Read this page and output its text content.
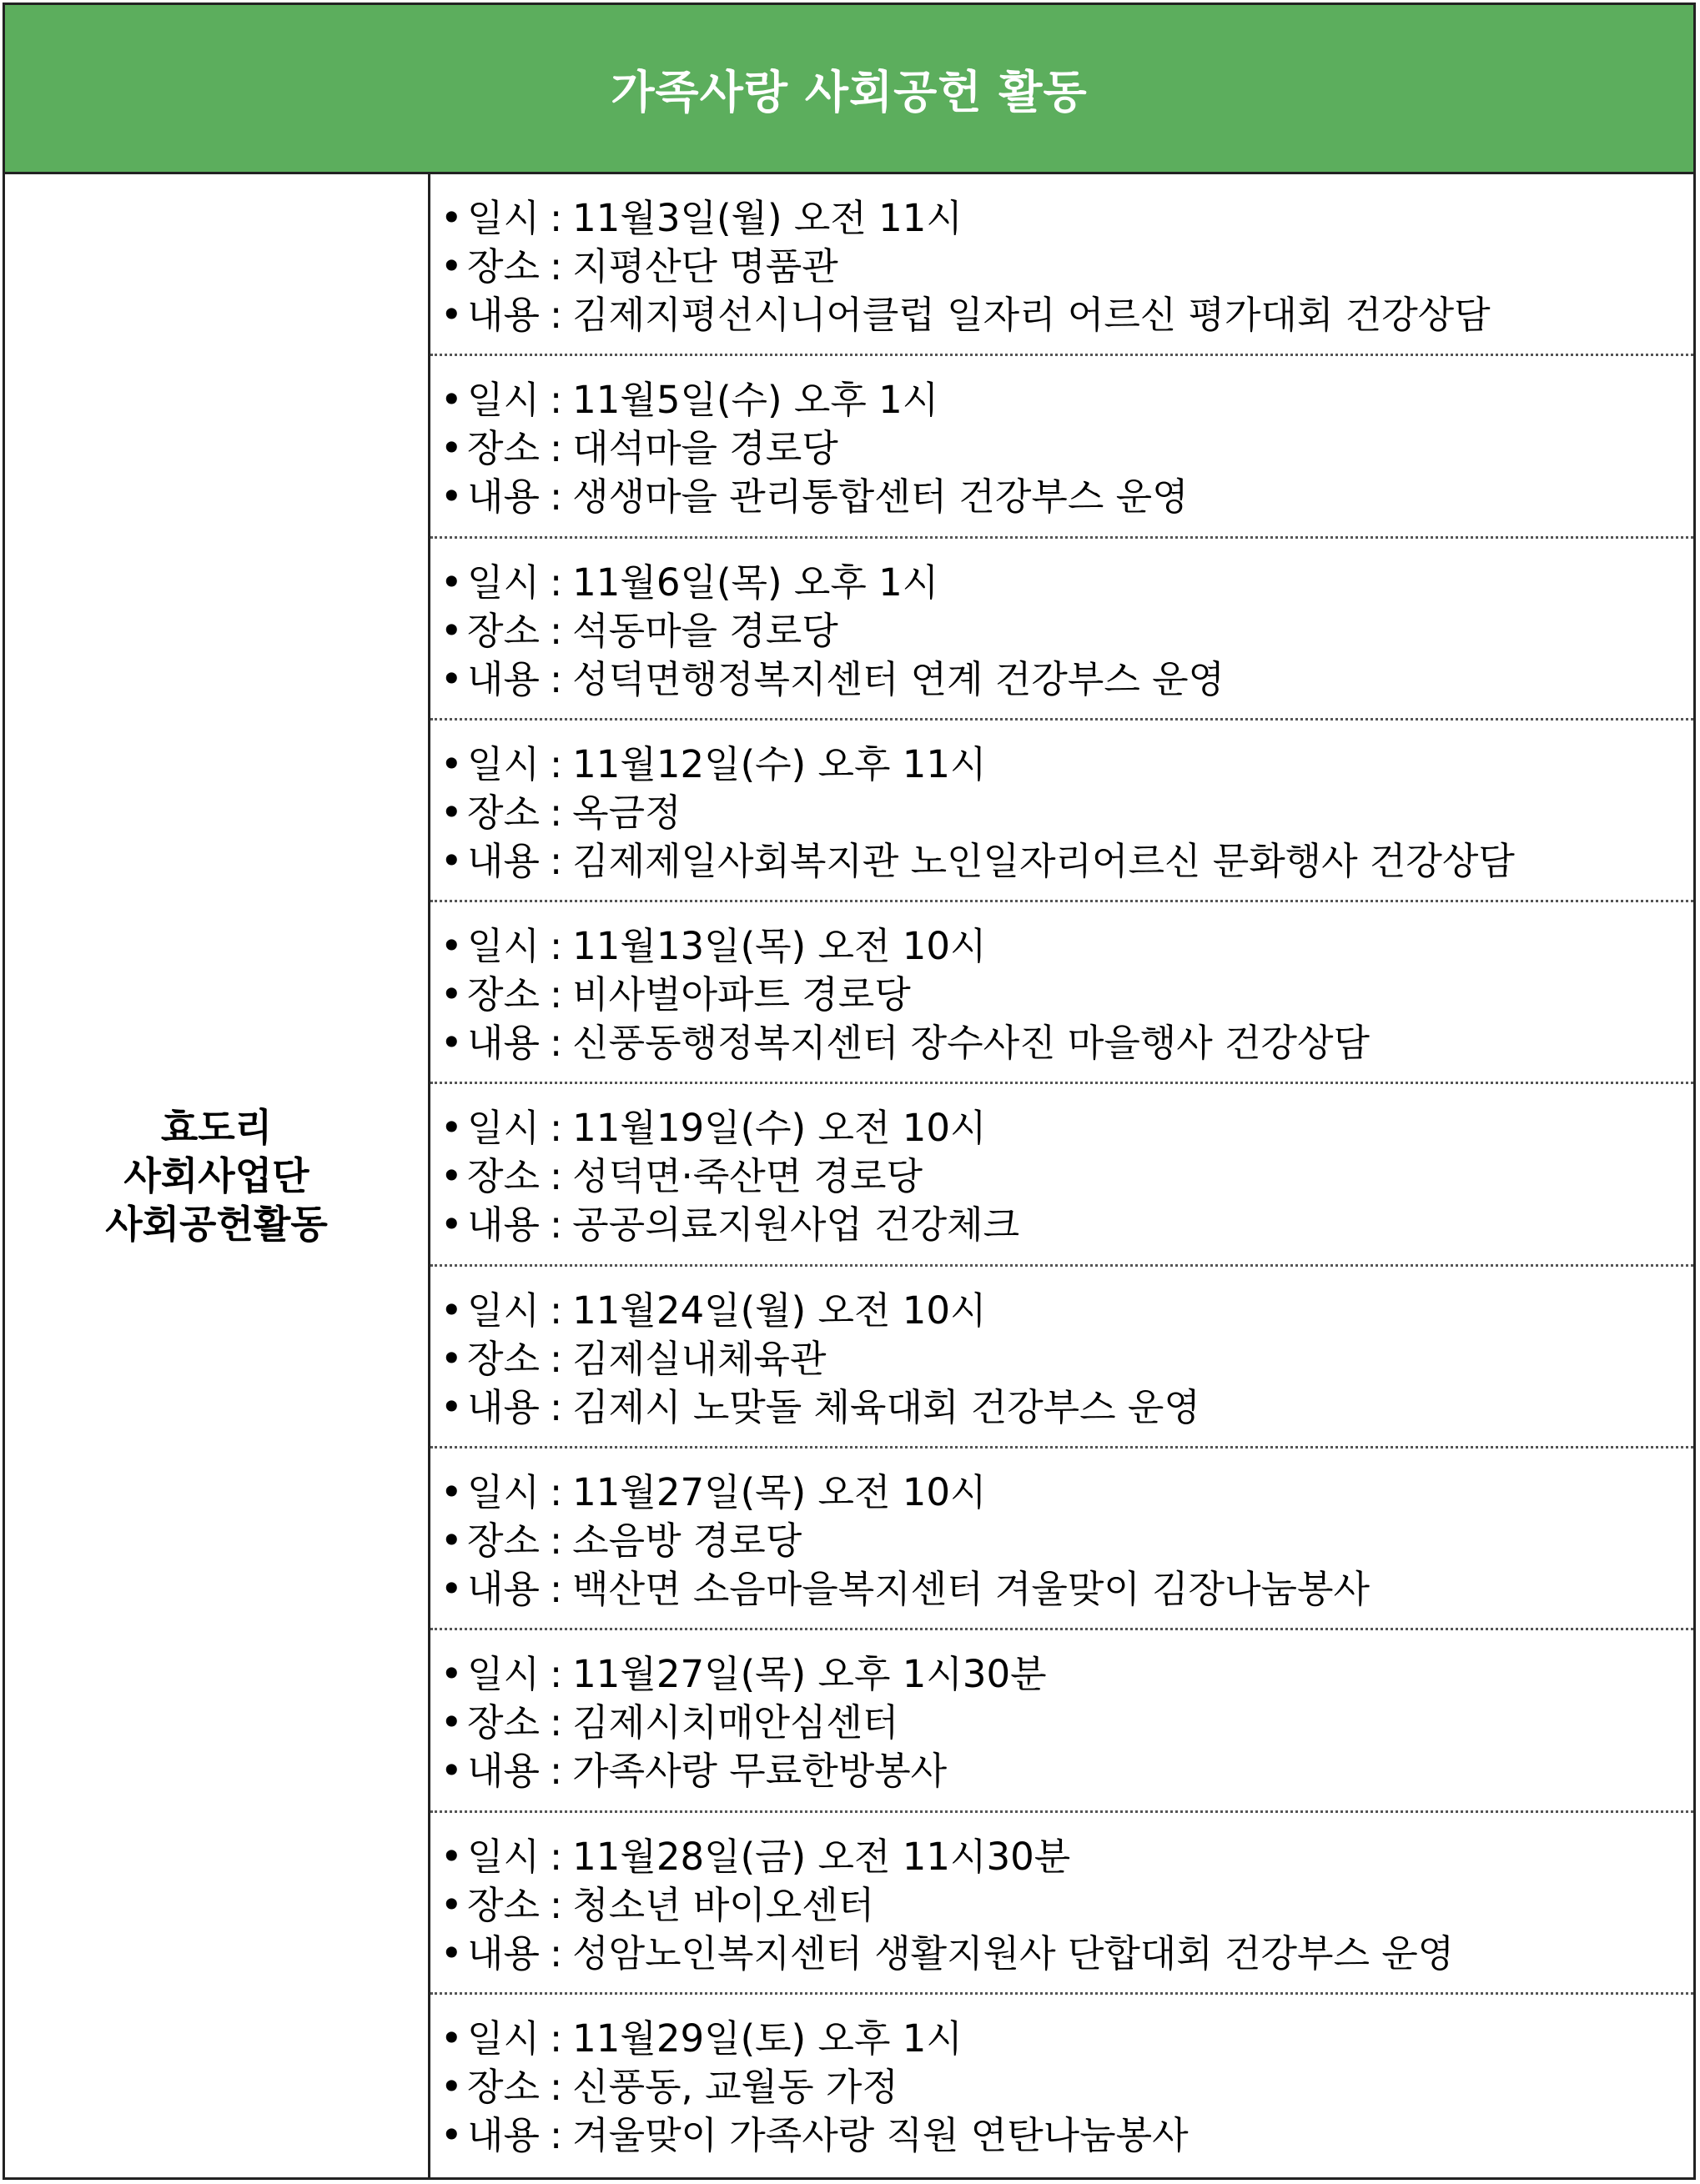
가족사랑 사회공헌 활동
효도리
사회사업단
사회공헌활동
• 일시 : 11월3일(월) 오전 11시
• 장소 : 지평산단 명품관
• 내용 : 김제지평선시니어클럽 일자리 어르신 평가대회 건강상담
• 일시 : 11월5일(수) 오후 1시
• 장소 : 대석마을 경로당
• 내용 : 생생마을 관리통합센터 건강부스 운영
• 일시 : 11월6일(목) 오후 1시
• 장소 : 석동마을 경로당
• 내용 : 성덕면행정복지센터 연계 건강부스 운영
• 일시 : 11월12일(수) 오후 11시
• 장소 : 옥금정
• 내용 : 김제제일사회복지관 노인일자리어르신 문화행사 건강상담
• 일시 : 11월13일(목) 오전 10시
• 장소 : 비사벌아파트 경로당
• 내용 : 신풍동행정복지센터 장수사진 마을행사 건강상담
• 일시 : 11월19일(수) 오전 10시
• 장소 : 성덕면·죽산면 경로당
• 내용 : 공공의료지원사업 건강체크
• 일시 : 11월24일(월) 오전 10시
• 장소 : 김제실내체육관
• 내용 : 김제시 노맞돌 체육대회 건강부스 운영
• 일시 : 11월27일(목) 오전 10시
• 장소 : 소음방 경로당
• 내용 : 백산면 소음마을복지센터 겨울맞이 김장나눔봉사
• 일시 : 11월27일(목) 오후 1시30분
• 장소 : 김제시치매안심센터
• 내용 : 가족사랑 무료한방봉사
• 일시 : 11월28일(금) 오전 11시30분
• 장소 : 청소년 바이오센터
• 내용 : 성암노인복지센터 생활지원사 단합대회 건강부스 운영
• 일시 : 11월29일(토) 오후 1시
• 장소 : 신풍동, 교월동 가정
• 내용 : 겨울맞이 가족사랑 직원 연탄나눔봉사
